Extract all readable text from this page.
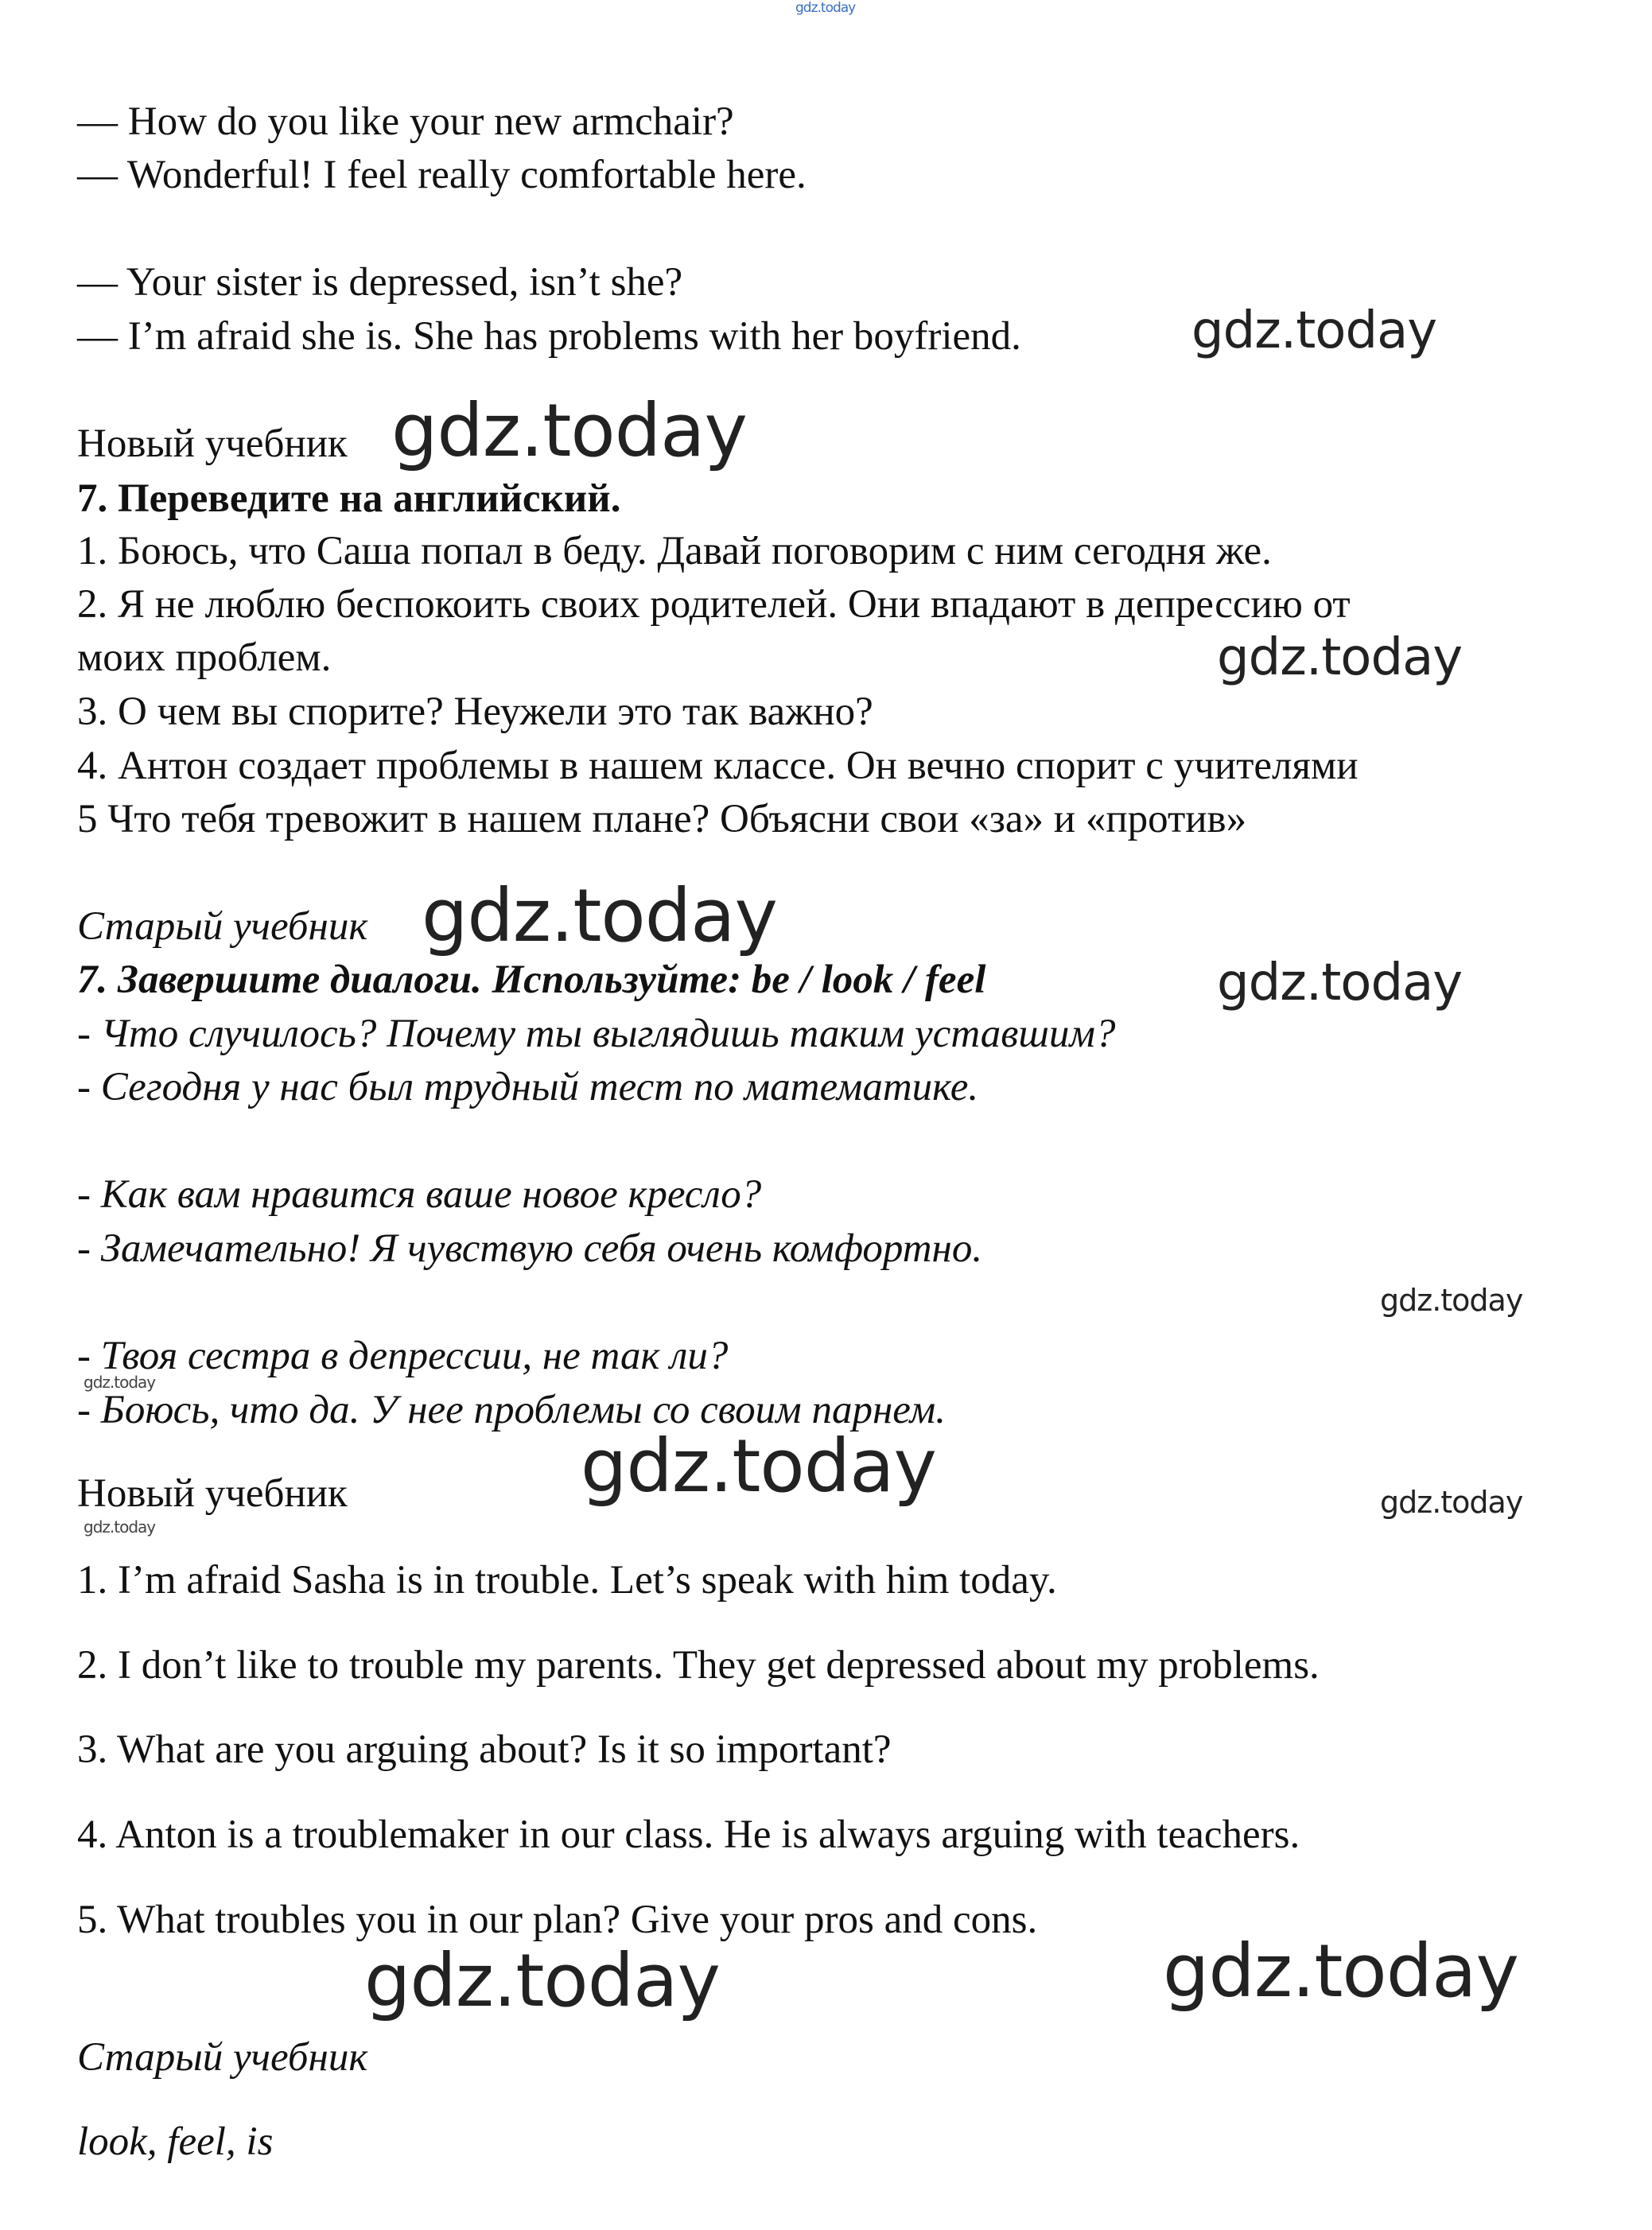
gdz.today
— How do you like your new armchair?
— Wonderful! I feel really comfortable here.
— Your sister is depressed, isn’t she?
— I’m afraid she is. She has problems with her boyfriend.	gdz.today
Новый учебник gdz.today
7. Переведите на английский.
1. Боюсь, что Саша попал в беду. Давай поговорим с ним сегодня же.
2. Я не люблю беспокоить своих родителей. Они впадают в депрессию от
моих проблем.	gdz.today
3. О чем вы спорите? Неужели это так важно?
4. Антон создает проблемы в нашем классе. Он вечно спорит с учителями
5 Что тебя тревожит в нашем плане? Объясни свои «за» и «против»
Старый учебник gdz.today
7. Завершите диалоги. Используйте: be / look / feel	gdz.today
- Что случилось? Почему ты выглядишь таким уставшим?
- Сегодня у нас был трудный тест по математике.
- Как вам нравится ваше новое кресло?
- Замечательно! Я чувствую себя очень комфортно.
gdz.today
- Твоя сестра в депрессии, не так ли?
gdz.today
- Боюсь, что да. У нее проблемы со своим парнем.
Новый учебник	gdz.today	gdz.today
gdz.today
1. I’m afraid Sasha is in trouble. Let’s speak with him today.
2. I don’t like to trouble my parents. They get depressed about my problems.
3. What are you arguing about? Is it so important?
4. Anton is a troublemaker in our class. He is always arguing with teachers.
5. What troubles you in our plan? Give your pros and cons.
gdz.today	gdz.today
Старый учебник
look, feel, is
